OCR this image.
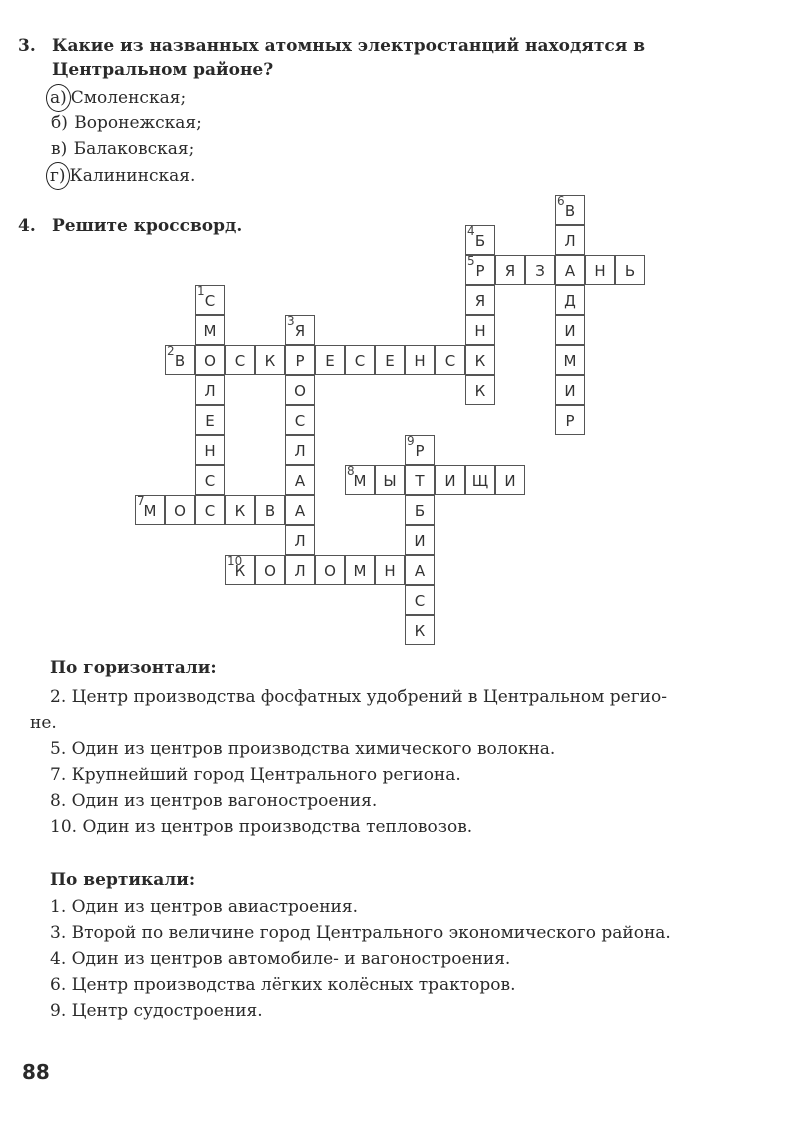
3. Какие из названных атомных электростанций находятся в
Центральном районе?
а) Смоленская;
б) Воронежская;
в) Балаковская;
г) Калининская.
4. Решите кроссворд.
В	О	С	К	Р	Е	С	Е	Н	С	К
Р	Я	З	А	Н	Ь
М	О	С	К	В	А
М	Ы	Т	И	Щ	И
К	О	Л	О	М	Н	А
С
М
Л
Е
Н
С
Я
О
С
Л
А
Л
Б
Я
Н
К
В
Л
Д
И
М
И
Р
Р
Б
И
С
К
2
5
7
8
10
1
3
4
6
9
По горизонтали:
2. Центр производства фосфатных удобрений в Центральном регио-
не.
5. Один из центров производства химического волокна.
7. Крупнейший город Центрального региона.
8. Один из центров вагоностроения.
10. Один из центров производства тепловозов.
По вертикали:
1. Один из центров авиастроения.
3. Второй по величине город Центрального экономического района.
4. Один из центров автомобиле- и вагоностроения.
6. Центр производства лёгких колёсных тракторов.
9. Центр судостроения.
88
